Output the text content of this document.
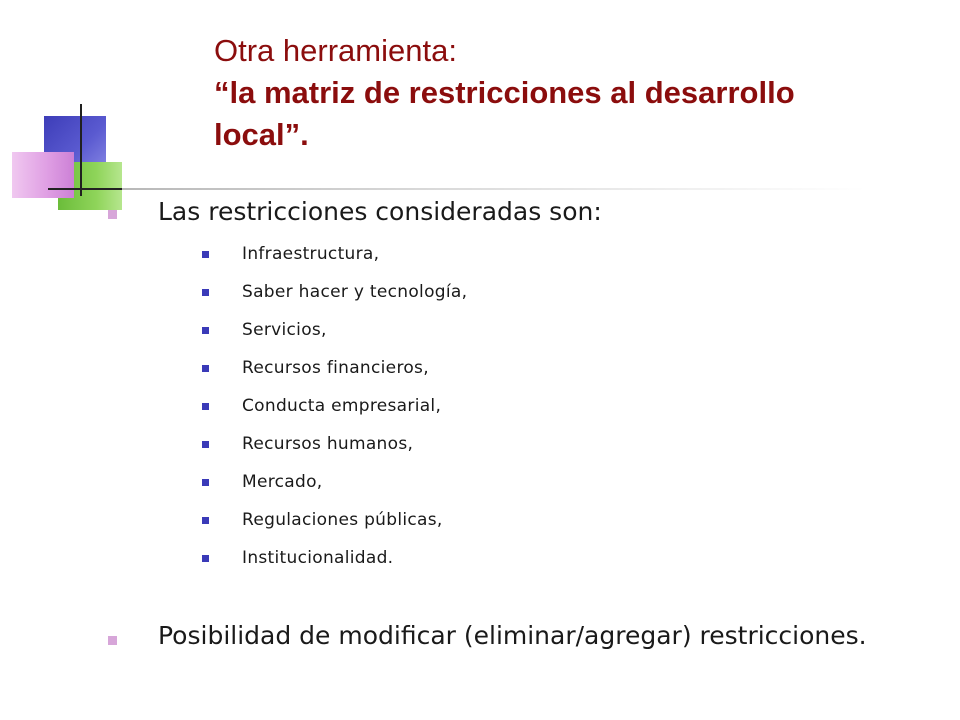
Otra herramienta:
“la matriz de restricciones al desarrollo local”.
Las restricciones consideradas son:
Infraestructura,
Saber hacer y tecnología,
Servicios,
Recursos financieros,
Conducta empresarial,
Recursos humanos,
Mercado,
Regulaciones públicas,
Institucionalidad.
Posibilidad de modificar (eliminar/agregar) restricciones.
